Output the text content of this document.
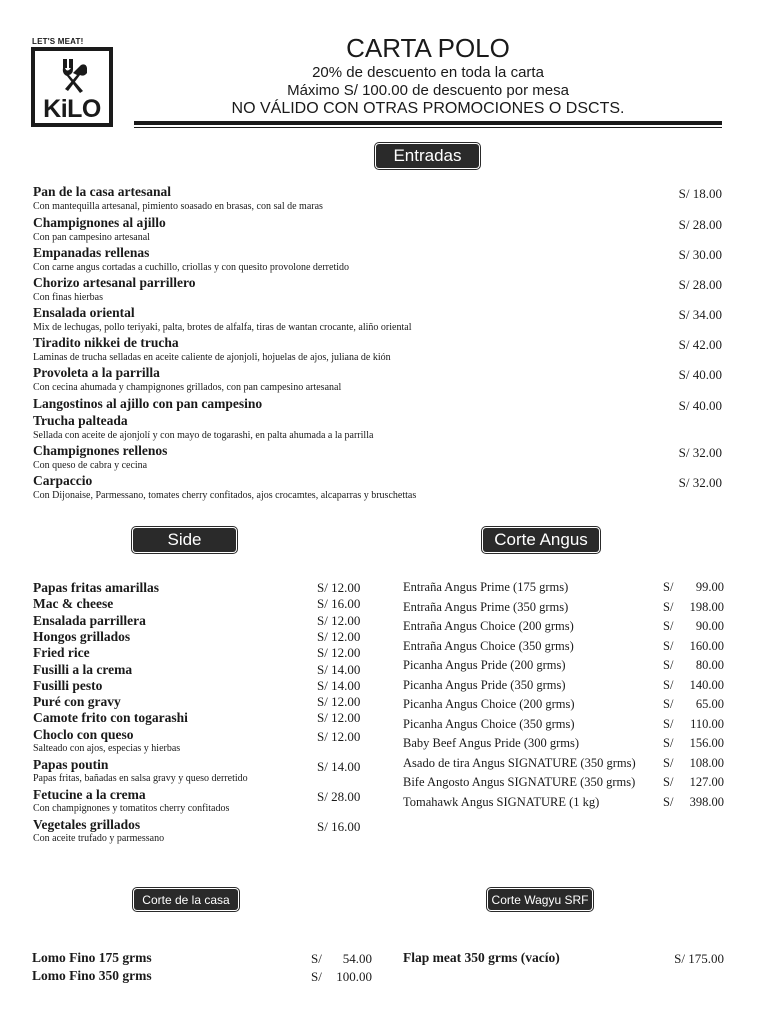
LET'S MEAT!
KiLO
CARTA POLO
20% de descuento en toda la carta
Máximo S/ 100.00 de descuento por mesa
NO VÁLIDO CON OTRAS PROMOCIONES O DSCTS.
Entradas
Side	Corte Angus
Corte de la casa	Corte Wagyu SRF
Pan de la casa artesanal
Con mantequilla artesanal, pimiento soasado en brasas, con sal de maras
S/ 18.00
Champignones al ajillo
Con pan campesino artesanal
S/ 28.00
Empanadas rellenas
Con carne angus cortadas a cuchillo, criollas y con quesito provolone derretido
S/ 30.00
Chorizo artesanal parrillero
Con finas hierbas
S/ 28.00
Ensalada oriental
Mix de lechugas, pollo teriyaki, palta, brotes de alfalfa, tiras de wantan crocante, aliño oriental
S/ 34.00
Tiradito nikkei de trucha
Laminas de trucha selladas en aceite caliente de ajonjoli, hojuelas de ajos, juliana de kión
S/ 42.00
Provoleta a la parrilla
Con cecina ahumada y champignones grillados, con pan campesino artesanal
S/ 40.00
Langostinos al ajillo con pan campesino	S/ 40.00
Trucha palteada
Sellada con aceite de ajonjolí y con mayo de togarashi, en palta ahumada a la parrilla
Champignones rellenos
Con queso de cabra y cecina
S/ 32.00
Carpaccio
Con Dijonaise, Parmessano, tomates cherry confitados, ajos crocamtes, alcaparras y bruschettas
S/ 32.00
Papas fritas amarillas	S/ 12.00
Mac & cheese	S/ 16.00
Ensalada parrillera	S/ 12.00
Hongos grillados	S/ 12.00
Fried rice	S/ 12.00
Fusilli a la crema	S/ 14.00
Fusilli pesto	S/ 14.00
Puré con gravy	S/ 12.00
Camote frito con togarashi	S/ 12.00
Choclo con queso	S/ 12.00
Salteado con ajos, especias y hierbas
Papas poutin	S/ 14.00
Papas fritas, bañadas en salsa gravy y queso derretido
Fetucine a la crema	S/ 28.00
Con champignones y tomatitos cherry confitados
Vegetales grillados	S/ 16.00
Con aceite trufado y parmessano
Entraña Angus Prime (175 grms)	S/ 99.00
Entraña Angus Prime (350 grms)	S/ 198.00
Entraña Angus Choice (200 grms)	S/ 90.00
Entraña Angus Choice (350 grms)	S/ 160.00
Picanha Angus Pride (200 grms)	S/ 80.00
Picanha Angus Pride (350 grms)	S/ 140.00
Picanha Angus Choice (200 grms)	S/ 65.00
Picanha Angus Choice (350 grms)	S/ 110.00
Baby Beef Angus Pride (300 grms)	S/ 156.00
Asado de tira Angus SIGNATURE (350 grms) S/ 108.00
Bife Angosto Angus SIGNATURE (350 grms) S/ 127.00
Tomahawk Angus SIGNATURE (1 kg)	S/ 398.00
Lomo Fino 175 grms	S/ 54.00
Lomo Fino 350 grms	S/ 100.00
Flap meat 350 grms (vacío)	S/ 175.00
